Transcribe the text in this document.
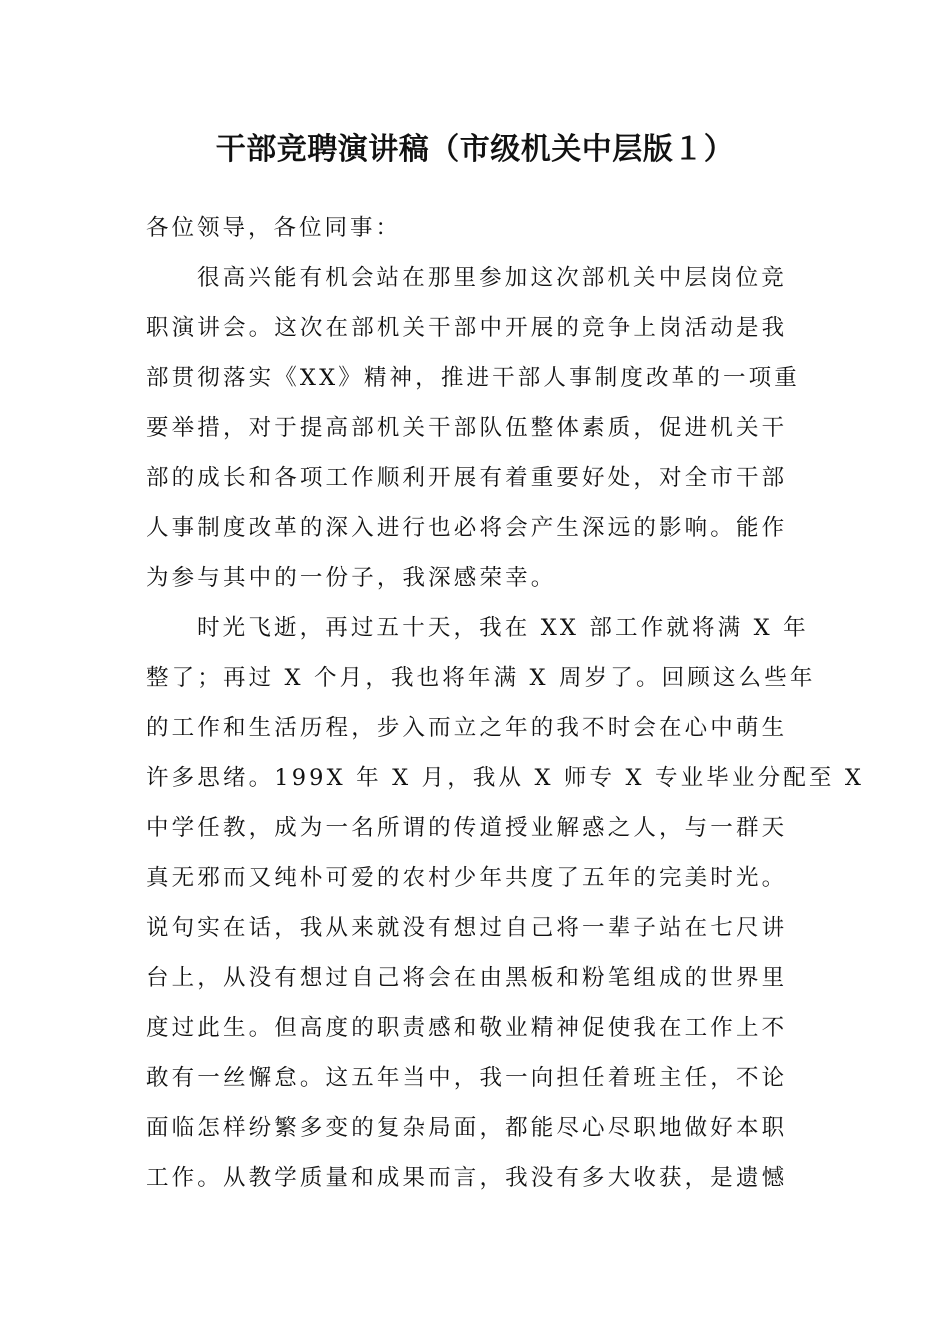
干部竞聘演讲稿（市级机关中层版１）
各位领导，各位同事：
很高兴能有机会站在那里参加这次部机关中层岗位竞
职演讲会。这次在部机关干部中开展的竞争上岗活动是我
部贯彻落实《XX》精神，推进干部人事制度改革的一项重
要举措，对于提高部机关干部队伍整体素质，促进机关干
部的成长和各项工作顺利开展有着重要好处，对全市干部
人事制度改革的深入进行也必将会产生深远的影响。能作
为参与其中的一份子，我深感荣幸。
时光飞逝，再过五十天，我在 XX 部工作就将满 X 年
整了；再过 X 个月，我也将年满 X 周岁了。回顾这么些年
的工作和生活历程，步入而立之年的我不时会在心中萌生
许多思绪。199X 年 X 月，我从 X 师专 X 专业毕业分配至 X
中学任教，成为一名所谓的传道授业解惑之人，与一群天
真无邪而又纯朴可爱的农村少年共度了五年的完美时光。
说句实在话，我从来就没有想过自己将一辈子站在七尺讲
台上，从没有想过自己将会在由黑板和粉笔组成的世界里
度过此生。但高度的职责感和敬业精神促使我在工作上不
敢有一丝懈怠。这五年当中，我一向担任着班主任，不论
面临怎样纷繁多变的复杂局面，都能尽心尽职地做好本职
工作。从教学质量和成果而言，我没有多大收获，是遗憾
